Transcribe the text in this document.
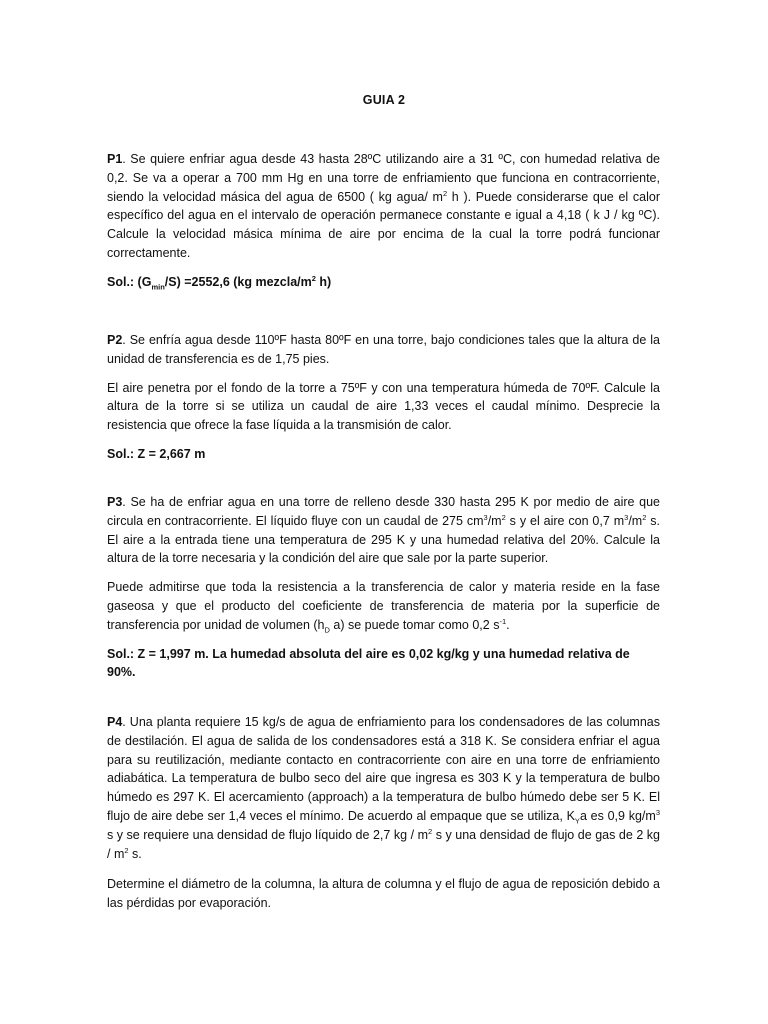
GUIA 2

P1. Se quiere enfriar agua desde 43 hasta 28ºC utilizando aire a 31 ºC, con humedad relativa de 0,2. Se va a operar a 700 mm Hg en una torre de enfriamiento que funciona en contracorriente, siendo la velocidad másica del agua de 6500 ( kg agua/ $m^2$ h ). Puede considerarse que el calor específico del agua en el intervalo de operación permanece constante e igual a 4,18 ( k J / kg ºC). Calcule la velocidad másica mínima de aire por encima de la cual la torre podrá funcionar correctamente.

Sol.: $(G_{min}/S) =2552,6$ (kg mezcla/$m^2$ h)

P2. Se enfría agua desde 110ºF hasta 80ºF en una torre, bajo condiciones tales que la altura de la unidad de transferencia es de 1,75 pies.

El aire penetra por el fondo de la torre a 75ºF y con una temperatura húmeda de 70ºF. Calcule la altura de la torre si se utiliza un caudal de aire 1,33 veces el caudal mínimo. Desprecie la resistencia que ofrece la fase líquida a la transmisión de calor.

Sol.: Z = 2,667 m

P3. Se ha de enfriar agua en una torre de relleno desde 330 hasta 295 K por medio de aire que circula en contracorriente. El líquido fluye con un caudal de 275 $cm^3/m^2$ s y el aire con 0,7 $m^3/m^2$ s. El aire a la entrada tiene una temperatura de 295 K y una humedad relativa del 20%. Calcule la altura de la torre necesaria y la condición del aire que sale por la parte superior.

Puede admitirse que toda la resistencia a la transferencia de calor y materia reside en la fase gaseosa y que el producto del coeficiente de transferencia de materia por la superficie de transferencia por unidad de volumen ($h_D$ a) se puede tomar como 0,2 $s^{-1}$.

Sol.: Z = 1,997 m. La humedad absoluta del aire es 0,02 kg/kg y una humedad relativa de 90%.

P4. Una planta requiere 15 kg/s de agua de enfriamiento para los condensadores de las columnas de destilación. El agua de salida de los condensadores está a 318 K. Se considera enfriar el agua para su reutilización, mediante contacto en contracorriente con aire en una torre de enfriamiento adiabática. La temperatura de bulbo seco del aire que ingresa es 303 K y la temperatura de bulbo húmedo es 297 K. El acercamiento (approach) a la temperatura de bulbo húmedo debe ser 5 K. El flujo de aire debe ser 1,4 veces el mínimo. De acuerdo al empaque que se utiliza, $K_Ya$ es 0,9 $kg/m^3$ s y se requiere una densidad de flujo líquido de 2,7 kg / $m^2$ s y una densidad de flujo de gas de 2 kg / $m^2$ s.

Determine el diámetro de la columna, la altura de columna y el flujo de agua de reposición debido a las pérdidas por evaporación.
